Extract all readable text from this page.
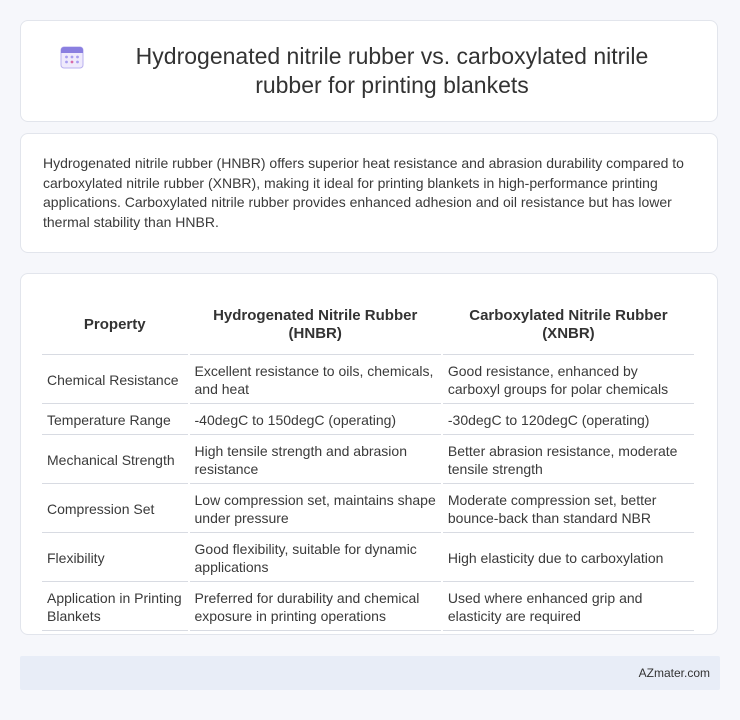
Hydrogenated nitrile rubber vs. carboxylated nitrile rubber for printing blankets

Hydrogenated nitrile rubber (HNBR) offers superior heat resistance and abrasion durability compared to carboxylated nitrile rubber (XNBR), making it ideal for printing blankets in high-performance printing applications. Carboxylated nitrile rubber provides enhanced adhesion and oil resistance but has lower thermal stability than HNBR.

Property	Hydrogenated Nitrile Rubber (HNBR)	Carboxylated Nitrile Rubber (XNBR)
Chemical Resistance	Excellent resistance to oils, chemicals, and heat	Good resistance, enhanced by carboxyl groups for polar chemicals
Temperature Range	-40degC to 150degC (operating)	-30degC to 120degC (operating)
Mechanical Strength	High tensile strength and abrasion resistance	Better abrasion resistance, moderate tensile strength
Compression Set	Low compression set, maintains shape under pressure	Moderate compression set, better bounce-back than standard NBR
Flexibility	Good flexibility, suitable for dynamic applications	High elasticity due to carboxylation
Application in Printing Blankets	Preferred for durability and chemical exposure in printing operations	Used where enhanced grip and elasticity are required
AZmater.com
